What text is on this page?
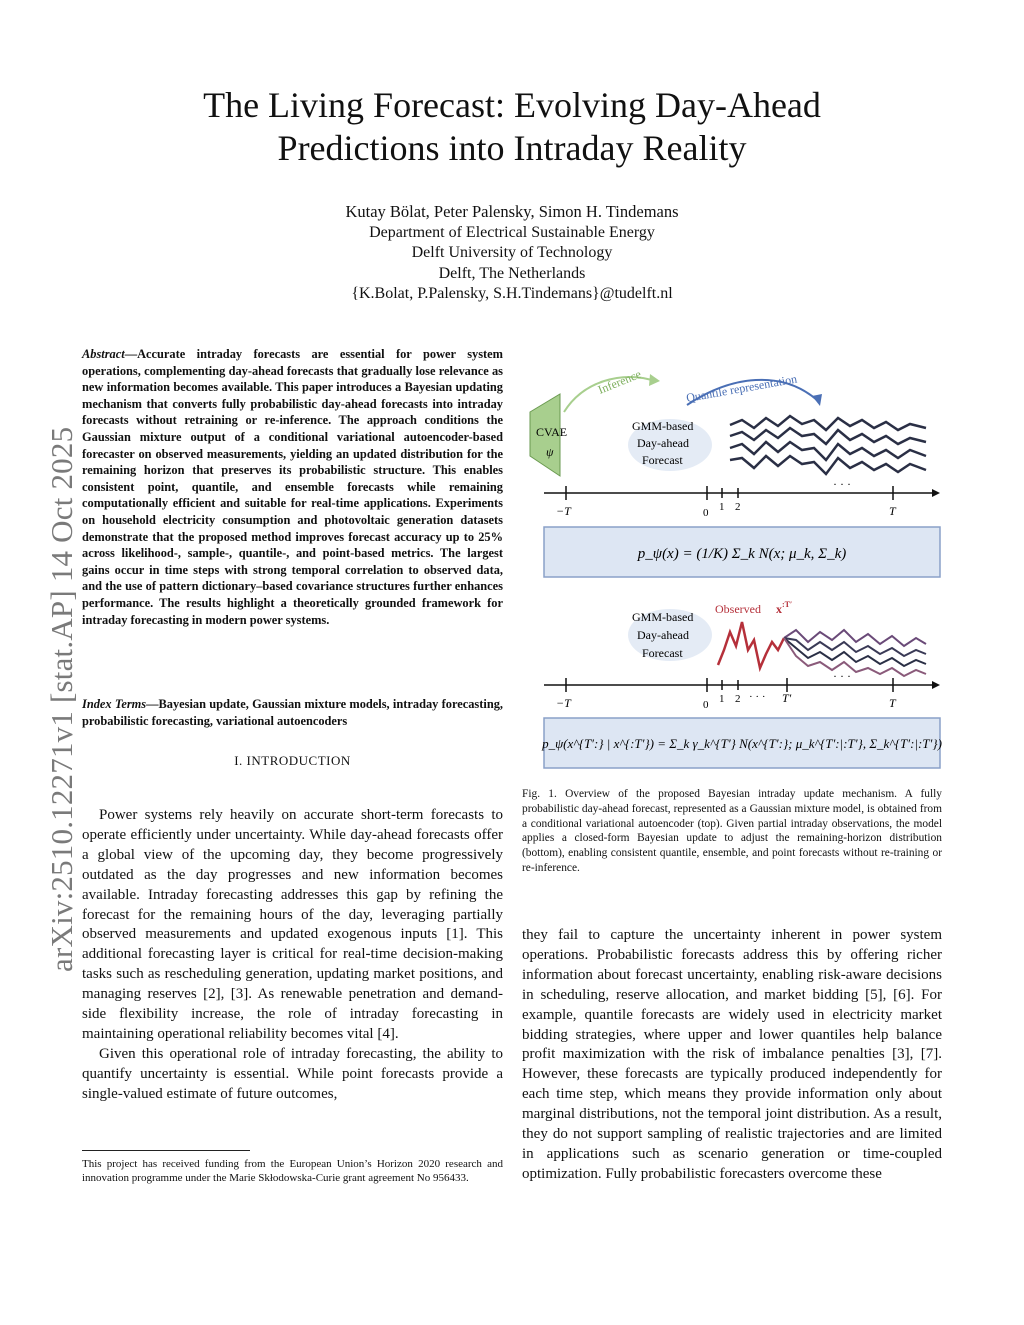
arXiv:2510.12271v1 [stat.AP] 14 Oct 2025
The Living Forecast: Evolving Day-Ahead
Predictions into Intraday Reality
Kutay Bölat, Peter Palensky, Simon H. Tindemans
Department of Electrical Sustainable Energy
Delft University of Technology
Delft, The Netherlands
{K.Bolat, P.Palensky, S.H.Tindemans}@tudelft.nl
Abstract—Accurate intraday forecasts are essential for power system operations, complementing day-ahead forecasts that gradually lose relevance as new information becomes available. This paper introduces a Bayesian updating mechanism that converts fully probabilistic day-ahead forecasts into intraday forecasts without retraining or re-inference. The approach conditions the Gaussian mixture output of a conditional variational autoencoder-based forecaster on observed measurements, yielding an updated distribution for the remaining horizon that preserves its probabilistic structure. This enables consistent point, quantile, and ensemble forecasts while remaining computationally efficient and suitable for real-time applications. Experiments on household electricity consumption and photovoltaic generation datasets demonstrate that the proposed method improves forecast accuracy up to 25% across likelihood-, sample-, quantile-, and point-based metrics. The largest gains occur in time steps with strong temporal correlation to observed data, and the use of pattern dictionary–based covariance structures further enhances performance. The results highlight a theoretically grounded framework for intraday forecasting in modern power systems.
Index Terms—Bayesian update, Gaussian mixture models, intraday forecasting, probabilistic forecasting, variational autoencoders
I. INTRODUCTION

Power systems rely heavily on accurate short-term forecasts to operate efficiently under uncertainty. While day-ahead forecasts offer a global view of the upcoming day, they become progressively outdated as the day progresses and new information becomes available. Intraday forecasting addresses this gap by refining the forecast for the remaining hours of the day, leveraging partially observed measurements and updated exogenous inputs [1]. This additional forecasting layer is critical for real-time decision-making tasks such as rescheduling generation, updating market positions, and managing reserves [2], [3]. As renewable penetration and demand-side flexibility increase, the role of intraday forecasting in maintaining operational reliability becomes vital [4].

Given this operational role of intraday forecasting, the ability to quantify uncertainty is essential. While point forecasts provide a single-valued estimate of future outcomes,

This project has received funding from the European Union’s Horizon 2020 research and innovation programme under the Marie Skłodowska-Curie grant agreement No 956433.
CVAE
ψ
Inference
GMM-based
Day-ahead
Forecast
Quantile representation
−T	0 1 2
· · ·
T
p_ψ(x) = (1/K) Σ_k N(x; μ_k, Σ_k)
GMM-based
Day-ahead
Forecast
Observed $x^{:T'}$
−T	0 1 2 · · · T′
· · ·
T
p_ψ(x^{T′:} | x^{:T′}) = Σ_k γ_k^{T′} N(x^{T′:}; μ_k^{T′:|:T′}, Σ_k^{T′:|:T′})
Fig. 1. Overview of the proposed Bayesian intraday update mechanism. A fully probabilistic day-ahead forecast, represented as a Gaussian mixture model, is obtained from a conditional variational autoencoder (top). Given partial intraday observations, the model applies a closed-form Bayesian update to adjust the remaining-horizon distribution (bottom), enabling consistent quantile, ensemble, and point forecasts without re-training or re-inference.

they fail to capture the uncertainty inherent in power system operations. Probabilistic forecasts address this by offering richer information about forecast uncertainty, enabling risk-aware decisions in scheduling, reserve allocation, and market bidding [5], [6]. For example, quantile forecasts are widely used in electricity market bidding strategies, where upper and lower quantiles help balance profit maximization with the risk of imbalance penalties [3], [7]. However, these forecasts are typically produced independently for each time step, which means they provide information only about marginal distributions, not the temporal joint distribution. As a result, they do not support sampling of realistic trajectories and are limited in applications such as scenario generation or time-coupled optimization. Fully probabilistic forecasters overcome these
